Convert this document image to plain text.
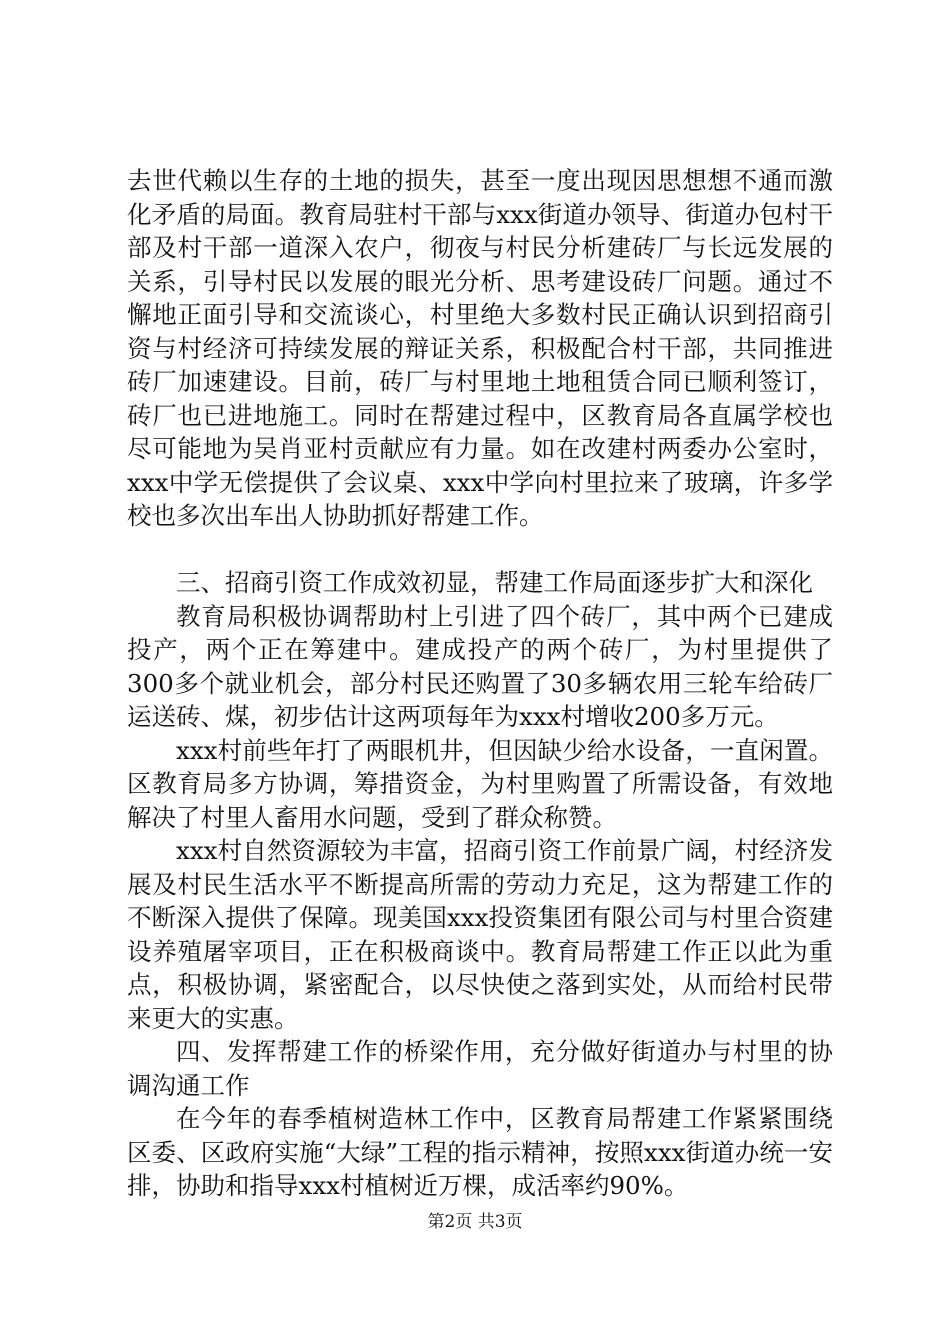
去世代赖以生存的土地的损失，甚至一度出现因思想想不通而激化矛盾的局面。教育局驻村干部与xxx街道办领导、街道办包村干部及村干部一道深入农户，彻夜与村民分析建砖厂与长远发展的关系，引导村民以发展的眼光分析、思考建设砖厂问题。通过不懈地正面引导和交流谈心，村里绝大多数村民正确认识到招商引资与村经济可持续发展的辩证关系，积极配合村干部，共同推进砖厂加速建设。目前，砖厂与村里地土地租赁合同已顺利签订，砖厂也已进地施工。同时在帮建过程中，区教育局各直属学校也尽可能地为吴肖亚村贡献应有力量。如在改建村两委办公室时，xxx中学无偿提供了会议桌、xxx中学向村里拉来了玻璃，许多学校也多次出车出人协助抓好帮建工作。

三、招商引资工作成效初显，帮建工作局面逐步扩大和深化

教育局积极协调帮助村上引进了四个砖厂，其中两个已建成投产，两个正在筹建中。建成投产的两个砖厂，为村里提供了300多个就业机会，部分村民还购置了30多辆农用三轮车给砖厂运送砖、煤，初步估计这两项每年为xxx村增收200多万元。

xxx村前些年打了两眼机井，但因缺少给水设备，一直闲置。区教育局多方协调，筹措资金，为村里购置了所需设备，有效地解决了村里人畜用水问题，受到了群众称赞。

xxx村自然资源较为丰富，招商引资工作前景广阔，村经济发展及村民生活水平不断提高所需的劳动力充足，这为帮建工作的不断深入提供了保障。现美国xxx投资集团有限公司与村里合资建设养殖屠宰项目，正在积极商谈中。教育局帮建工作正以此为重点，积极协调，紧密配合，以尽快使之落到实处，从而给村民带来更大的实惠。

四、发挥帮建工作的桥梁作用，充分做好街道办与村里的协调沟通工作

在今年的春季植树造林工作中，区教育局帮建工作紧紧围绕区委、区政府实施“大绿”工程的指示精神，按照xxx街道办统一安排，协助和指导xxx村植树近万棵，成活率约90%。

第2页 共3页
